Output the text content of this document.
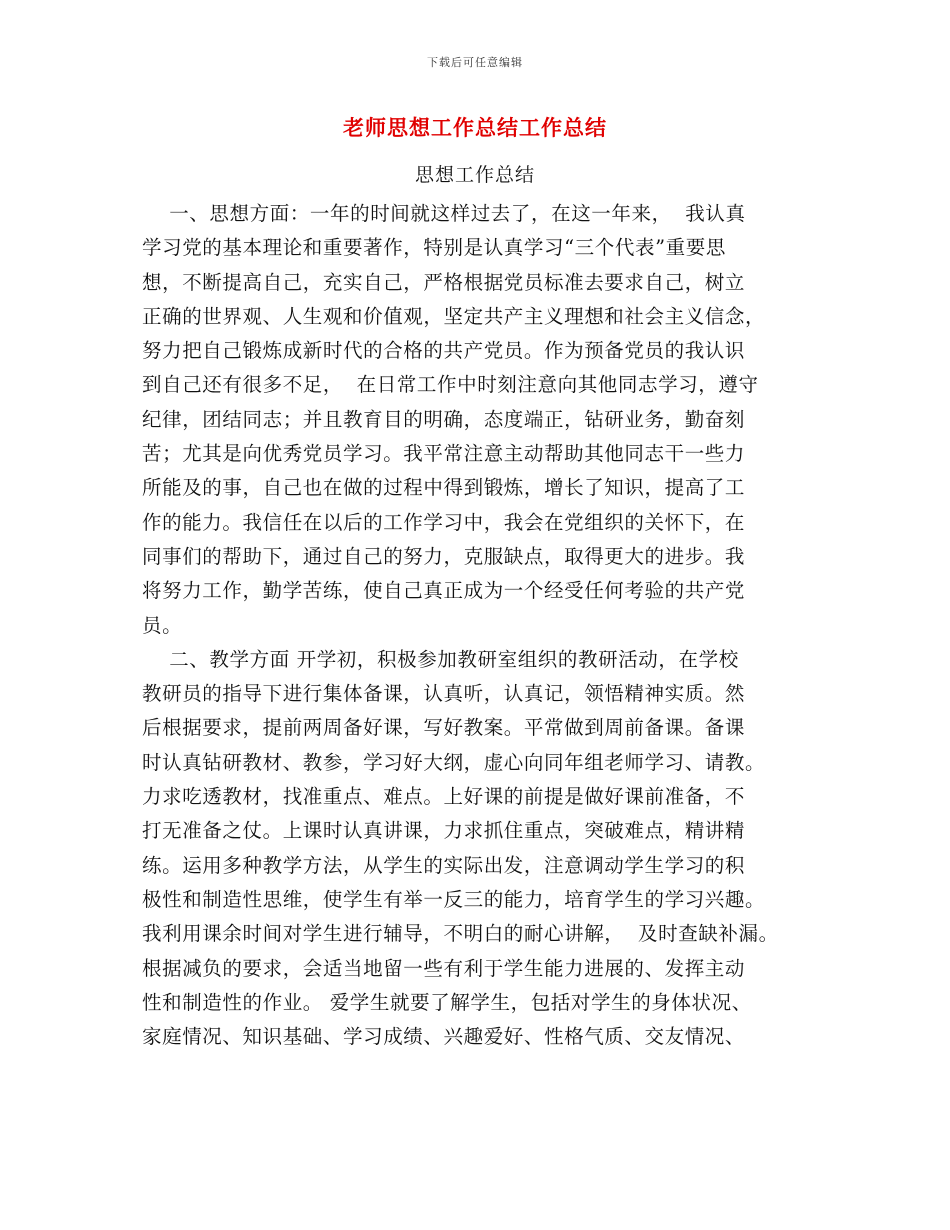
下载后可任意编辑
老师思想工作总结工作总结
思想工作总结
一、思想方面：一年的时间就这样过去了，在这一年来，  我认真
学习党的基本理论和重要著作，特别是认真学习“三个代表”重要思
想，不断提高自己，充实自己，严格根据党员标准去要求自己，树立
正确的世界观、人生观和价值观，坚定共产主义理想和社会主义信念，
努力把自己锻炼成新时代的合格的共产党员。作为预备党员的我认识
到自己还有很多不足，  在日常工作中时刻注意向其他同志学习，遵守
纪律，团结同志；并且教育目的明确，态度端正，钻研业务，勤奋刻
苦；尤其是向优秀党员学习。我平常注意主动帮助其他同志干一些力
所能及的事，自己也在做的过程中得到锻炼，增长了知识，提高了工
作的能力。我信任在以后的工作学习中，我会在党组织的关怀下，在
同事们的帮助下，通过自己的努力，克服缺点，取得更大的进步。我
将努力工作，勤学苦练，使自己真正成为一个经受任何考验的共产党
员。
二、教学方面 开学初，积极参加教研室组织的教研活动，在学校
教研员的指导下进行集体备课，认真听，认真记，领悟精神实质。然
后根据要求，提前两周备好课，写好教案。平常做到周前备课。备课
时认真钻研教材、教参，学习好大纲，虚心向同年组老师学习、请教。
力求吃透教材，找准重点、难点。上好课的前提是做好课前准备，不
打无准备之仗。上课时认真讲课，力求抓住重点，突破难点，精讲精
练。运用多种教学方法，从学生的实际出发，注意调动学生学习的积
极性和制造性思维，使学生有举一反三的能力，培育学生的学习兴趣。
我利用课余时间对学生进行辅导，不明白的耐心讲解，  及时查缺补漏。
根据减负的要求，会适当地留一些有利于学生能力进展的、发挥主动
性和制造性的作业。 爱学生就要了解学生，包括对学生的身体状况、
家庭情况、知识基础、学习成绩、兴趣爱好、性格气质、交友情况、
